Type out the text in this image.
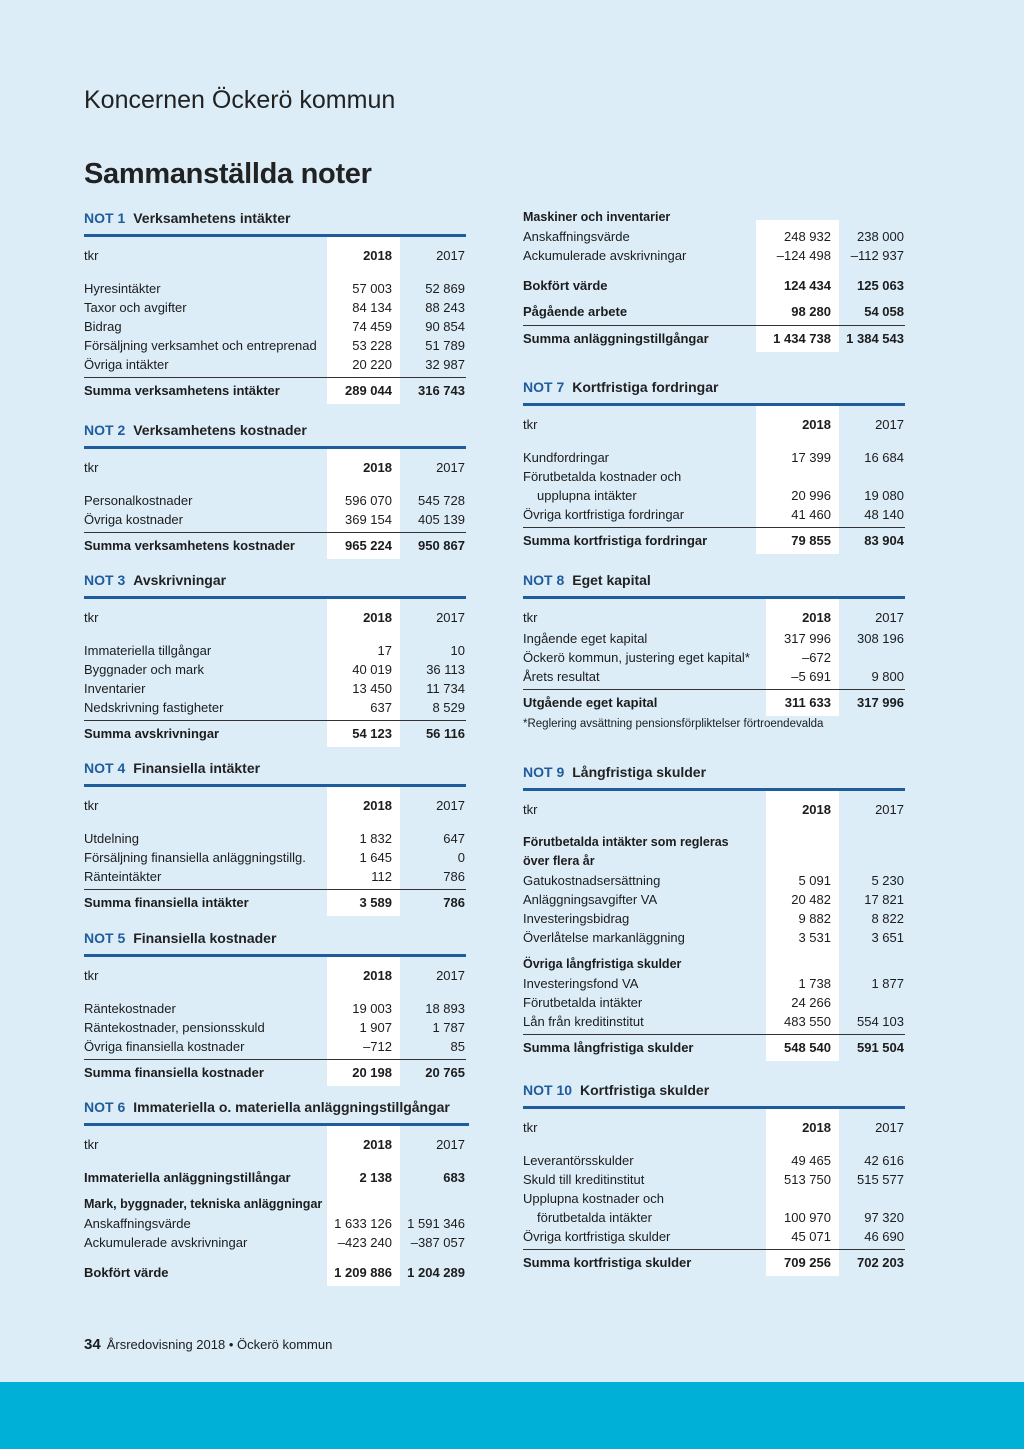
Koncernen Öckerö kommun
Sammanställda noter
NOT 1 Verksamhetens intäkter
tkr	2018	2017
Hyresintäkter	57 003	52 869
Taxor och avgifter	84 134	88 243
Bidrag	74 459	90 854
Försäljning verksamhet och entreprenad	53 228	51 789
Övriga intäkter	20 220	32 987
Summa verksamhetens intäkter	289 044	316 743
NOT 2 Verksamhetens kostnader
tkr	2018	2017
Personalkostnader	596 070	545 728
Övriga kostnader	369 154	405 139
Summa verksamhetens kostnader	965 224	950 867
NOT 3 Avskrivningar
tkr	2018	2017
Immateriella tillgångar	17	10
Byggnader och mark	40 019	36 113
Inventarier	13 450	11 734
Nedskrivning fastigheter	637	8 529
Summa avskrivningar	54 123	56 116
NOT 4 Finansiella intäkter
tkr	2018	2017
Utdelning	1 832	647
Försäljning finansiella anläggningstillg.	1 645	0
Ränteintäkter	112	786
Summa finansiella intäkter	3 589	786
NOT 5 Finansiella kostnader
tkr	2018	2017
Räntekostnader	19 003	18 893
Räntekostnader, pensionsskuld	1 907	1 787
Övriga finansiella kostnader	–712	85
Summa finansiella kostnader	20 198	20 765
NOT 6 Immateriella o. materiella anläggningstillgångar
tkr	2018	2017
Immateriella anläggningstillångar	2 138	683
Mark, byggnader, tekniska anläggningar
Anskaffningsvärde	1 633 126	1 591 346
Ackumulerade avskrivningar	–423 240	–387 057
Bokfört värde	1 209 886	1 204 289
Maskiner och inventarier
Anskaffningsvärde	248 932	238 000
Ackumulerade avskrivningar	–124 498	–112 937
Bokfört värde	124 434	125 063
Pågående arbete	98 280	54 058
Summa anläggningstillgångar	1 434 738	1 384 543
NOT 7 Kortfristiga fordringar
tkr	2018	2017
Kundfordringar	17 399	16 684
Förutbetalda kostnader och
upplupna intäkter	20 996	19 080
Övriga kortfristiga fordringar	41 460	48 140
Summa kortfristiga fordringar	79 855	83 904
NOT 8 Eget kapital
tkr	2018	2017
Ingående eget kapital	317 996	308 196
Öckerö kommun, justering eget kapital*	–672
Årets resultat	–5 691	9 800
Utgående eget kapital	311 633	317 996
*Reglering avsättning pensionsförpliktelser förtroendevalda
NOT 9 Långfristiga skulder
tkr	2018	2017
Förutbetalda intäkter som regleras
över flera år
Gatukostnadsersättning	5 091	5 230
Anläggningsavgifter VA	20 482	17 821
Investeringsbidrag	9 882	8 822
Överlåtelse markanläggning	3 531	3 651
Övriga långfristiga skulder
Investeringsfond VA	1 738	1 877
Förutbetalda intäkter	24 266
Lån från kreditinstitut	483 550	554 103
Summa långfristiga skulder	548 540	591 504
NOT 10 Kortfristiga skulder
tkr	2018	2017
Leverantörsskulder	49 465	42 616
Skuld till kreditinstitut	513 750	515 577
Upplupna kostnader och
förutbetalda intäkter	100 970	97 320
Övriga kortfristiga skulder	45 071	46 690
Summa kortfristiga skulder	709 256	702 203
34 Årsredovisning 2018 • Öckerö kommun
